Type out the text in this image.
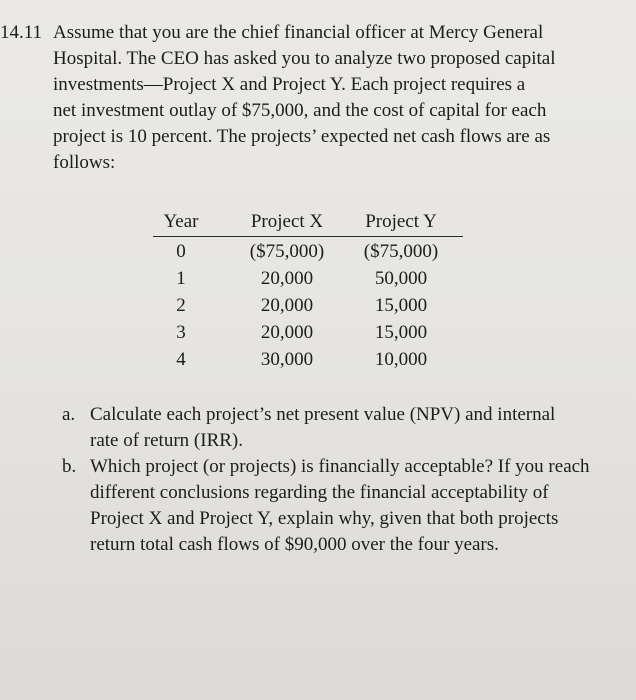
14.11 Assume that you are the chief financial officer at Mercy General
Hospital. The CEO has asked you to analyze two proposed capital
investments—Project X and Project Y. Each project requires a
net investment outlay of $75,000, and the cost of capital for each
project is 10 percent. The projects’ expected net cash flows are as
follows:
Year	Project X	Project Y
0	($75,000)	($75,000)
1	20,000	50,000
2	20,000	15,000
3	20,000	15,000
4	30,000	10,000
a. Calculate each project’s net present value (NPV) and internal
rate of return (IRR).
b. Which project (or projects) is financially acceptable? If you reach
different conclusions regarding the financial acceptability of
Project X and Project Y, explain why, given that both projects
return total cash flows of $90,000 over the four years.
